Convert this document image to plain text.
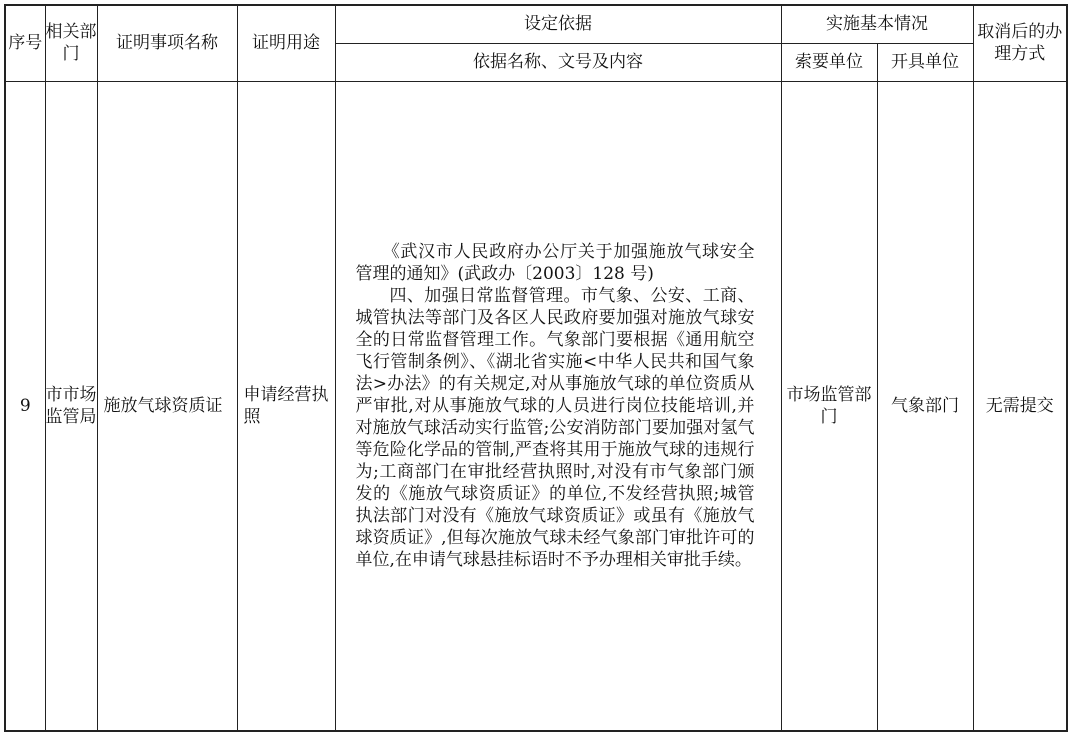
序号	相关部门	证明事项名称	证明用途	设定依据	实施基本情况		取消后的办理方式
				依据名称、文号及内容	索要单位	开具单位	
9	市市场监管局	施放气球资质证	申请经营执照	《武汉市人民政府办公厅关于加强施放气球安全管理的通知》(武政办〔2003〕128 号)

四、加强日常监督管理。市气象、公安、工商、城管执法等部门及各区人民政府要加强对施放气球安全的日常监督管理工作。气象部门要根据《通用航空飞行管制条例》、《湖北省实施<中华人民共和国气象法>办法》的有关规定,对从事施放气球的单位资质从严审批,对从事施放气球的人员进行岗位技能培训,并对施放气球活动实行监管;公安消防部门要加强对氢气等危险化学品的管制,严查将其用于施放气球的违规行为;工商部门在审批经营执照时,对没有市气象部门颁发的《施放气球资质证》的单位,不发经营执照;城管执法部门对没有《施放气球资质证》或虽有《施放气球资质证》,但每次施放气球未经气象部门审批许可的单位,在申请气球悬挂标语时不予办理相关审批手续。	市场监管部门	气象部门	无需提交
